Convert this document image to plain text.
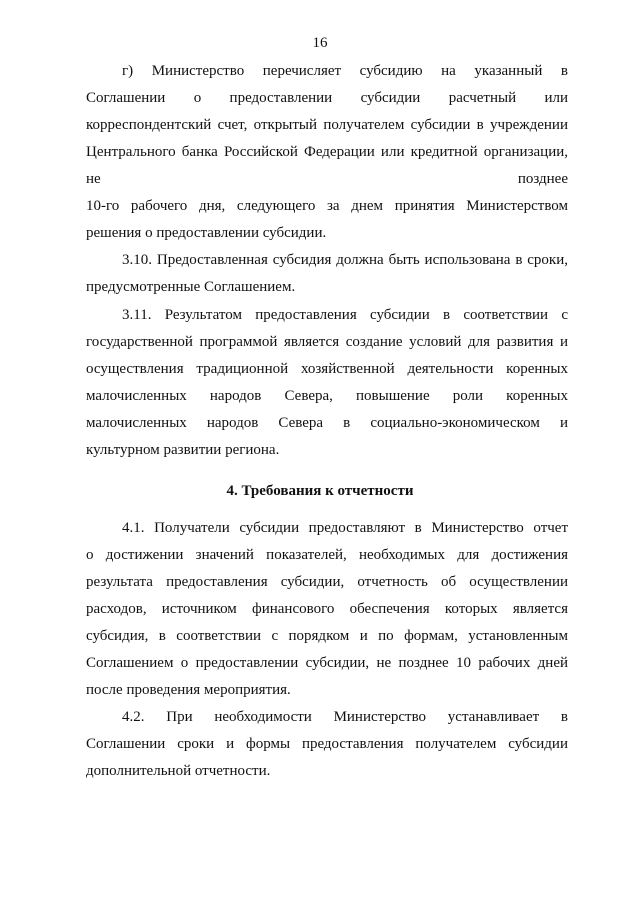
16
г) Министерство перечисляет субсидию на указанный в
Соглашении о предоставлении субсидии расчетный или
корреспондентский счет, открытый получателем субсидии в учреждении
Центрального банка Российской Федерации или кредитной организации,
не позднее
10-го рабочего дня, следующего за днем принятия Министерством
решения о предоставлении субсидии.
3.10. Предоставленная субсидия должна быть использована в сроки,
предусмотренные Соглашением.
3.11. Результатом предоставления субсидии в соответствии с
государственной программой является создание условий для развития и
осуществления традиционной хозяйственной деятельности коренных
малочисленных народов Севера, повышение роли коренных
малочисленных народов Севера в социально-экономическом и
культурном развитии региона.
4. Требования к отчетности
4.1. Получатели субсидии предоставляют в Министерство отчет
о достижении значений показателей, необходимых для достижения
результата предоставления субсидии, отчетность об осуществлении
расходов, источником финансового обеспечения которых является
субсидия, в соответствии с порядком и по формам, установленным
Соглашением о предоставлении субсидии, не позднее 10 рабочих дней
после проведения мероприятия.
4.2. При необходимости Министерство устанавливает в
Соглашении сроки и формы предоставления получателем субсидии
дополнительной отчетности.
